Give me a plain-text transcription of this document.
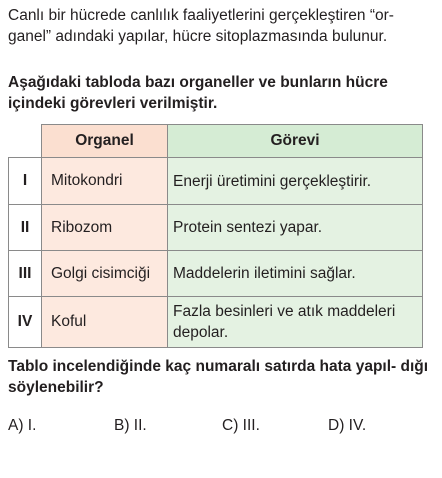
Canlı bir hücrede canlılık faaliyetlerini gerçekleştiren “or- ganel” adındaki yapılar, hücre sitoplazmasında bulunur.

Aşağıdaki tabloda bazı organeller ve bunların hücre içindeki görevleri verilmiştir.

	Organel	Görevi
I	Mitokondri	Enerji üretimini gerçekleştirir.
II	Ribozom	Protein sentezi yapar.
III	Golgi cisimciği	Maddelerin iletimini sağlar.
IV	Koful	Fazla besinleri ve atık maddeleri depolar.

Tablo incelendiğinde kaç numaralı satırda hata yapıl- dığı söylenebilir?

A) I.	B) II.	C) III.	D) IV.
